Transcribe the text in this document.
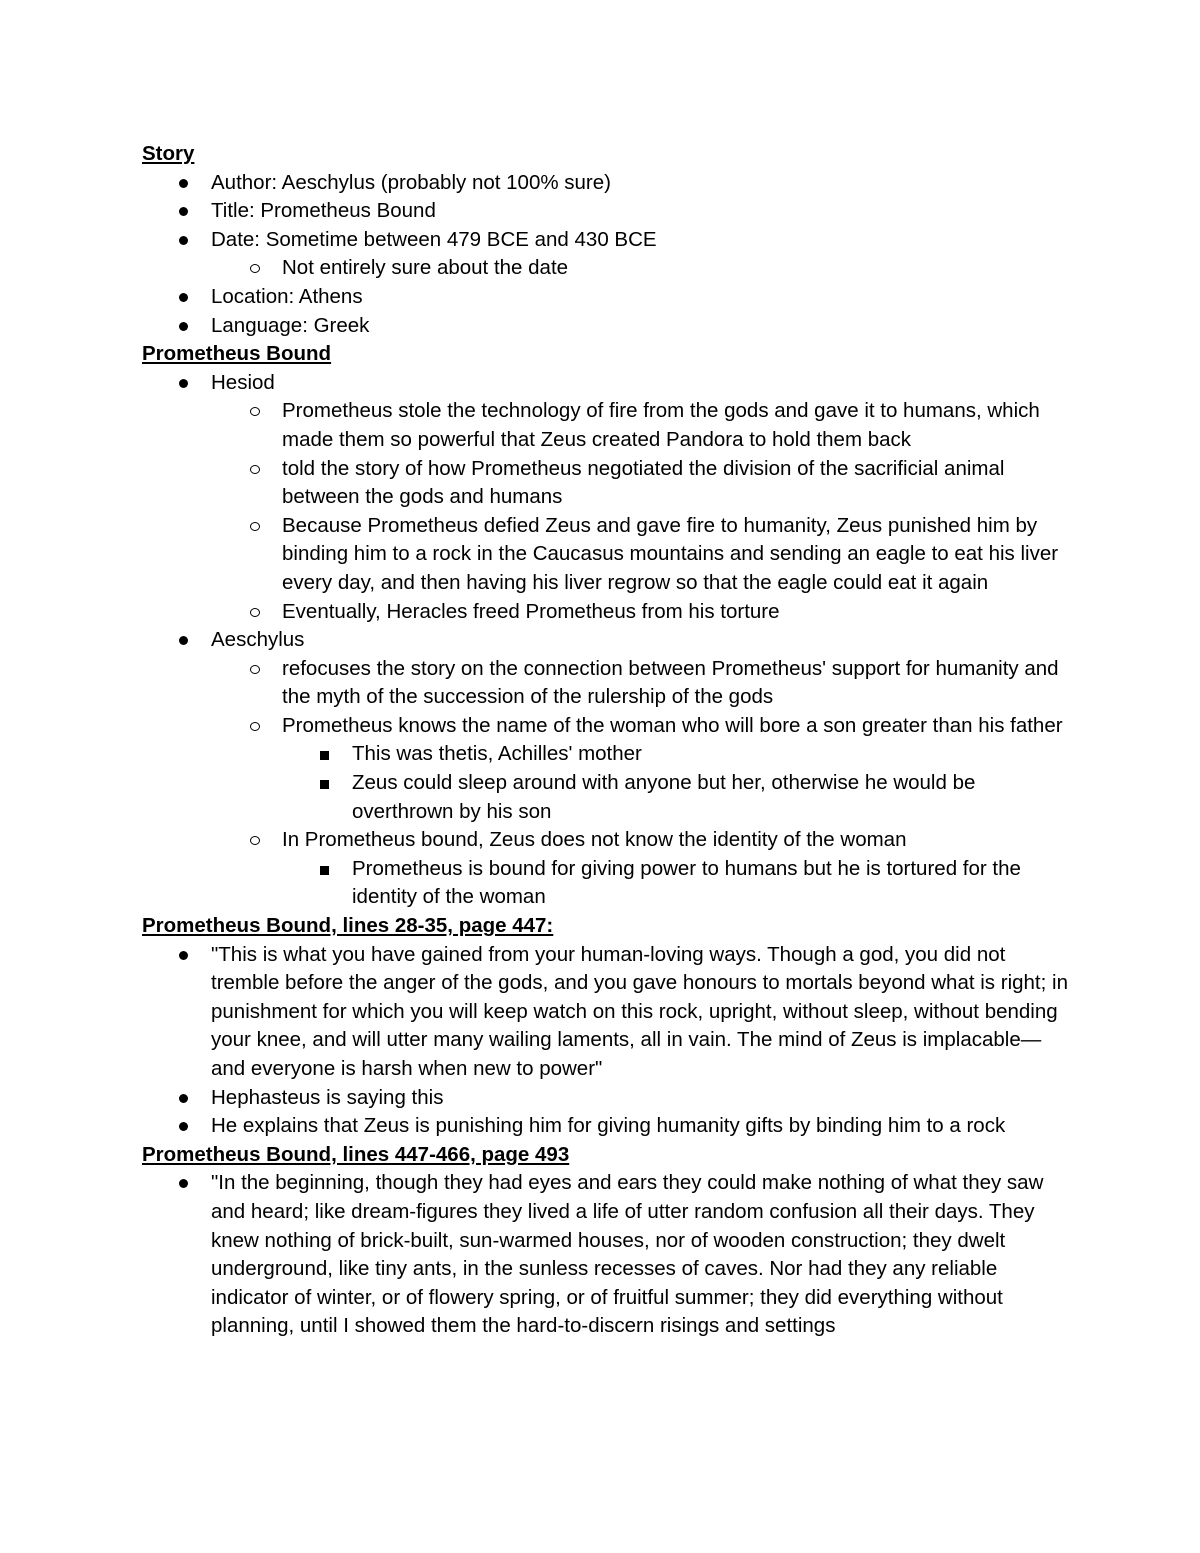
Story
Author: Aeschylus (probably not 100% sure)
Title: Prometheus Bound
Date: Sometime between 479 BCE and 430 BCE
Not entirely sure about the date
Location: Athens
Language: Greek
Prometheus Bound
Hesiod
Prometheus stole the technology of fire from the gods and gave it to humans, which made them so powerful that Zeus created Pandora to hold them back
told the story of how Prometheus negotiated the division of the sacrificial animal between the gods and humans
Because Prometheus defied Zeus and gave fire to humanity, Zeus punished him by binding him to a rock in the Caucasus mountains and sending an eagle to eat his liver every day, and then having his liver regrow so that the eagle could eat it again
Eventually, Heracles freed Prometheus from his torture
Aeschylus
refocuses the story on the connection between Prometheus' support for humanity and the myth of the succession of the rulership of the gods
Prometheus knows the name of the woman who will bore a son greater than his father
This was thetis, Achilles' mother
Zeus could sleep around with anyone but her, otherwise he would be overthrown by his son
In Prometheus bound, Zeus does not know the identity of the woman
Prometheus is bound for giving power to humans but he is tortured for the identity of the woman
Prometheus Bound, lines 28-35, page 447:
"This is what you have gained from your human-loving ways. Though a god, you did not tremble before the anger of the gods, and you gave honours to mortals beyond what is right; in punishment for which you will keep watch on this rock, upright, without sleep, without bending your knee, and will utter many wailing laments, all in vain. The mind of Zeus is implacable—and everyone is harsh when new to power"
Hephasteus is saying this
He explains that Zeus is punishing him for giving humanity gifts by binding him to a rock
Prometheus Bound, lines 447-466, page 493
"In the beginning, though they had eyes and ears they could make nothing of what they saw and heard; like dream-figures they lived a life of utter random confusion all their days. They knew nothing of brick-built, sun-warmed houses, nor of wooden construction; they dwelt underground, like tiny ants, in the sunless recesses of caves. Nor had they any reliable indicator of winter, or of flowery spring, or of fruitful summer; they did everything without planning, until I showed them the hard-to-discern risings and settings
